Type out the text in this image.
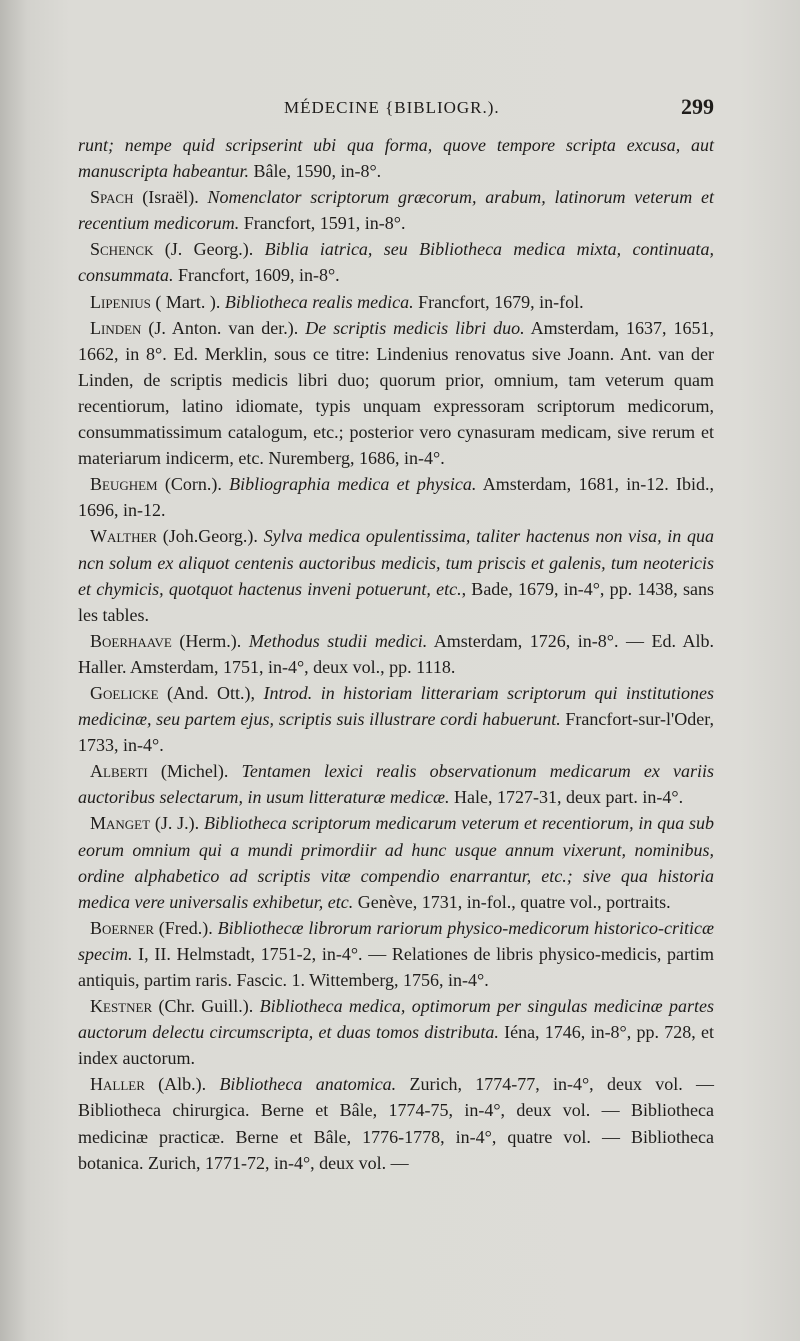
MÉDECINE {BIBLIOGR.).	299

runt; nempe quid scripserint ubi qua forma, quove tempore scripta excusa, aut manuscripta habeantur. Bâle, 1590, in-8°.

Spach (Israël). Nomenclator scriptorum græcorum, arabum, latinorum veterum et recentium medicorum. Francfort, 1591, in-8°.

Schenck (J. Georg.). Biblia iatrica, seu Bibliotheca medica mixta, continuata, consummata. Francfort, 1609, in-8°.

Lipenius ( Mart. ). Bibliotheca realis medica. Francfort, 1679, in-fol.

Linden (J. Anton. van der.). De scriptis medicis libri duo. Amsterdam, 1637, 1651, 1662, in 8°. Ed. Merklin, sous ce titre: Lindenius renovatus sive Joann. Ant. van der Linden, de scriptis medicis libri duo; quorum prior, omnium, tam veterum quam recentiorum, latino idiomate, typis unquam expressoram scriptorum medicorum, consummatissimum catalogum, etc.; posterior vero cynasuram medicam, sive rerum et materiarum indicerm, etc. Nuremberg, 1686, in-4°.

Beughem (Corn.). Bibliographia medica et physica. Amsterdam, 1681, in-12. Ibid., 1696, in-12.

Walther (Joh.Georg.). Sylva medica opulentissima, taliter hactenus non visa, in qua ncn solum ex aliquot centenis auctoribus medicis, tum priscis et galenis, tum neotericis et chymicis, quotquot hactenus inveni potuerunt, etc., Bade, 1679, in-4°, pp. 1438, sans les tables.

Boerhaave (Herm.). Methodus studii medici. Amsterdam, 1726, in-8°. — Ed. Alb. Haller. Amsterdam, 1751, in-4°, deux vol., pp. 1118.

Goelicke (And. Ott.), Introd. in historiam litterariam scriptorum qui institutiones medicinæ, seu partem ejus, scriptis suis illustrare cordi habuerunt. Francfort-sur-l'Oder, 1733, in-4°.

Alberti (Michel). Tentamen lexici realis observationum medicarum ex variis auctoribus selectarum, in usum litteraturæ medicæ. Hale, 1727-31, deux part. in-4°.

Manget (J. J.). Bibliotheca scriptorum medicarum veterum et recentiorum, in qua sub eorum omnium qui a mundi primordiir ad hunc usque annum vixerunt, nominibus, ordine alphabetico ad scriptis vitæ compendio enarrantur, etc.; sive qua historia medica vere universalis exhibetur, etc. Genève, 1731, in-fol., quatre vol., portraits.

Boerner (Fred.). Bibliothecæ librorum rariorum physico-medicorum historico-criticæ specim. I, II. Helmstadt, 1751-2, in-4°. — Relationes de libris physico-medicis, partim antiquis, partim raris. Fascic. 1. Wittemberg, 1756, in-4°.

Kestner (Chr. Guill.). Bibliotheca medica, optimorum per singulas medicinæ partes auctorum delectu circumscripta, et duas tomos distributa. Iéna, 1746, in-8°, pp. 728, et index auctorum.

Haller (Alb.). Bibliotheca anatomica. Zurich, 1774-77, in-4°, deux vol. — Bibliotheca chirurgica. Berne et Bâle, 1774-75, in-4°, deux vol. — Bibliotheca medicinæ practicæ. Berne et Bâle, 1776-1778, in-4°, quatre vol. — Bibliotheca botanica. Zurich, 1771-72, in-4°, deux vol. —
